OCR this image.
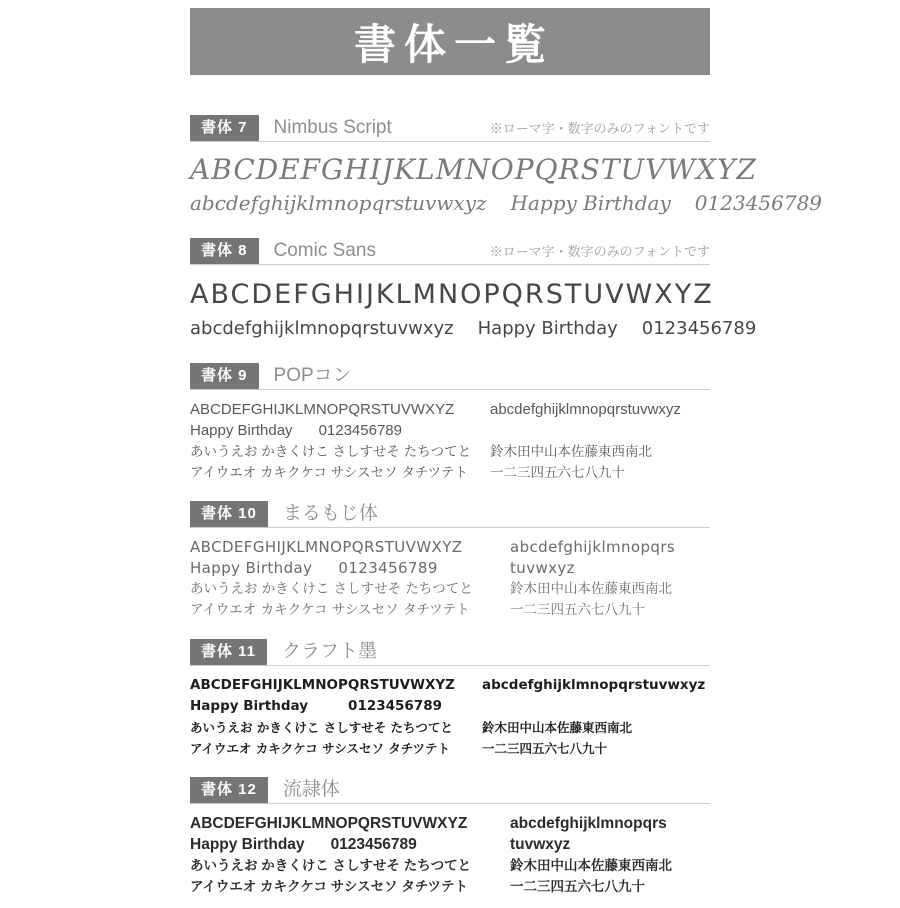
書体一覧
書体 7	Nimbus Script	※ローマ字・数字のみのフォントです
ABCDEFGHIJKLMNOPQRSTUVWXYZ
abcdefghijklmnopqrstuvwxyz Happy Birthday 0123456789
書体 8	Comic Sans	※ローマ字・数字のみのフォントです
ABCDEFGHIJKLMNOPQRSTUVWXYZ
abcdefghijklmnopqrstuvwxyz Happy Birthday 0123456789
書体 9	POPコン
ABCDEFGHIJKLMNOPQRSTUVWXYZ	abcdefghijklmnopqrstuvwxyz
Happy Birthday 0123456789
あいうえお かきくけこ さしすせそ たちつてと	鈴木田中山本佐藤東西南北
アイウエオ カキクケコ サシスセソ タチツテト	一二三四五六七八九十
書体 10	まるもじ体
ABCDEFGHIJKLMNOPQRSTUVWXYZ	abcdefghijklmnopqrs
Happy Birthday 0123456789	tuvwxyz
あいうえお かきくけこ さしすせそ たちつてと	鈴木田中山本佐藤東西南北
アイウエオ カキクケコ サシスセソ タチツテト	一二三四五六七八九十
書体 11	クラフト墨
ABCDEFGHIJKLMNOPQRSTUVWXYZ	abcdefghijklmnopqrstuvwxyz
Happy Birthday	0123456789
あいうえお かきくけこ さしすせそ たちつてと	鈴木田中山本佐藤東西南北
アイウエオ カキクケコ サシスセソ タチツテト	一二三四五六七八九十
書体 12	流隷体
ABCDEFGHIJKLMNOPQRSTUVWXYZ	abcdefghijklmnopqrs
Happy Birthday 0123456789	tuvwxyz
あいうえお かきくけこ さしすせそ たちつてと	鈴木田中山本佐藤東西南北
アイウエオ カキクケコ サシスセソ タチツテト	一二三四五六七八九十
